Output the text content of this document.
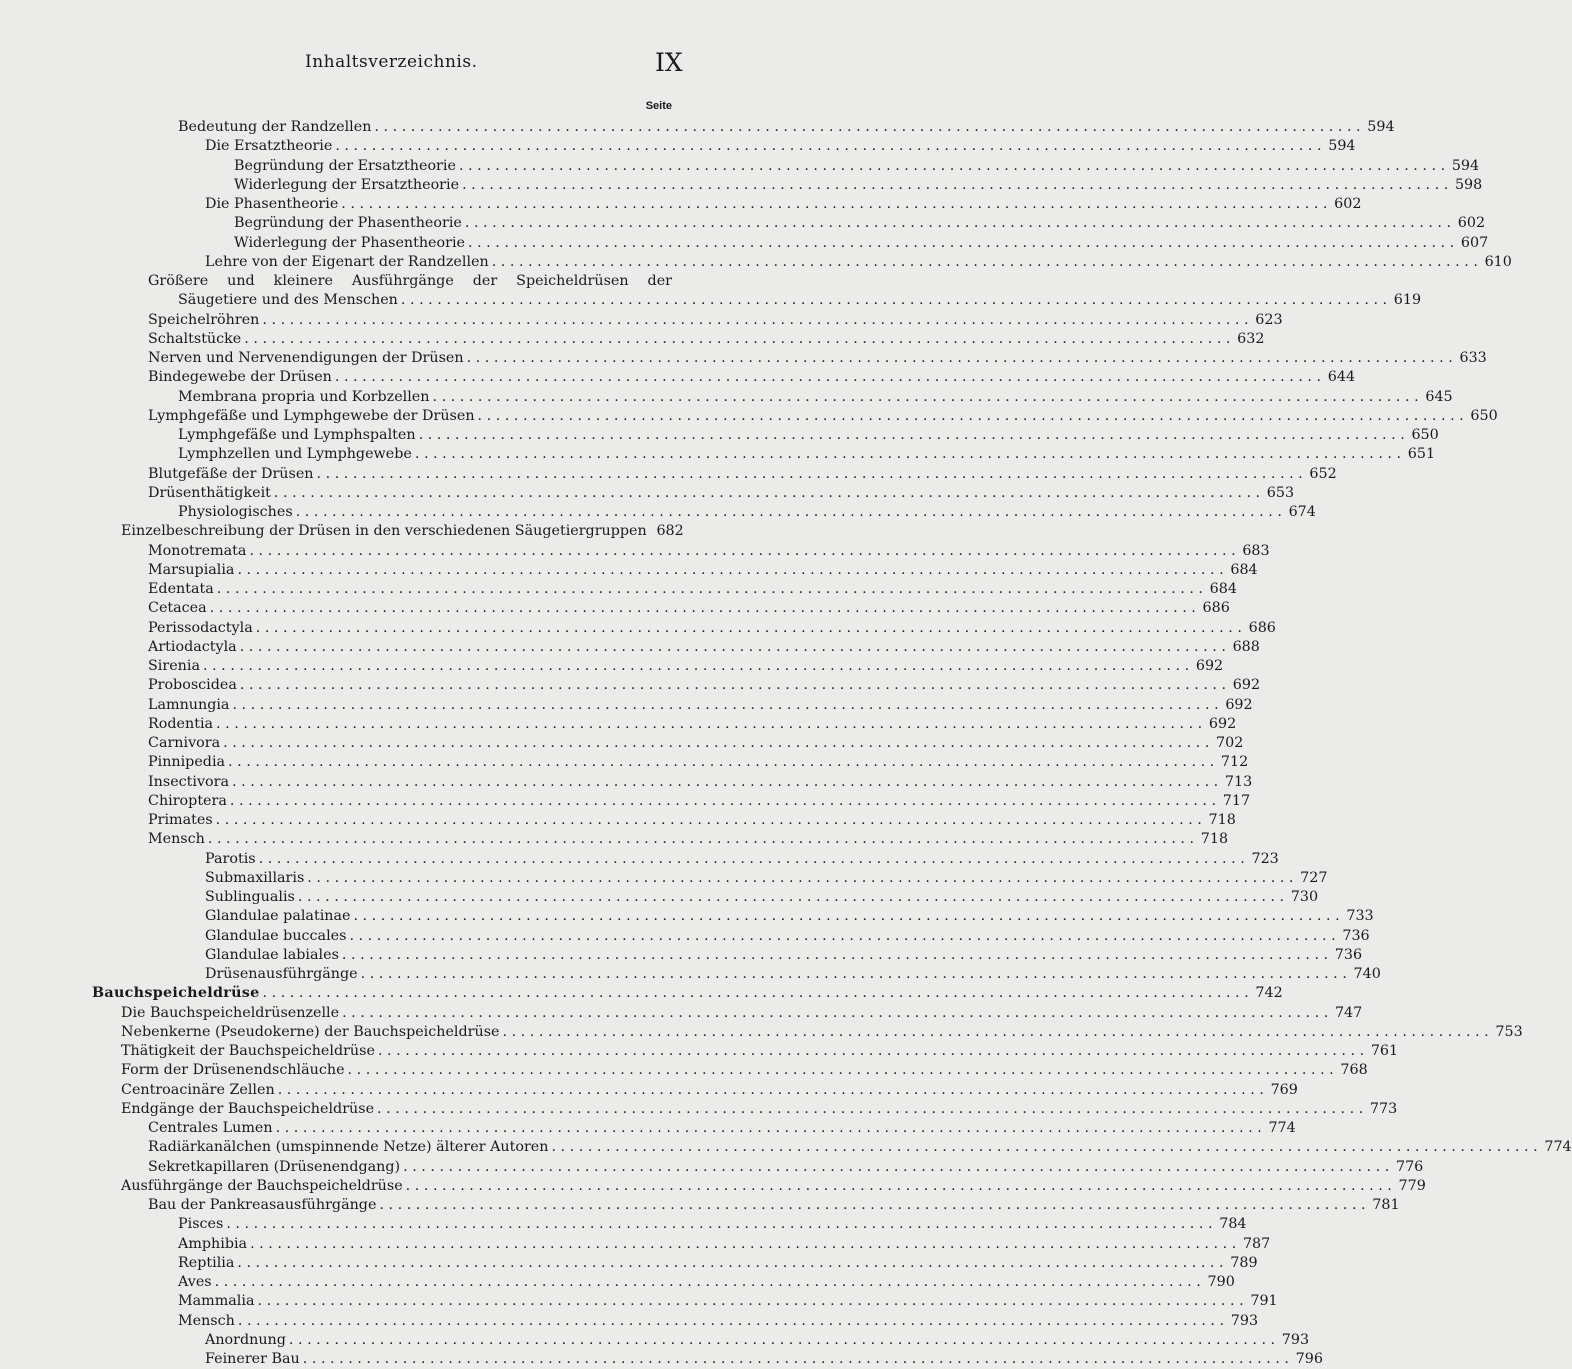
Inhaltsverzeichnis.	IX
Seite
Bedeutung der Randzellen . . .	594
Die Ersatztheorie . . .	594
Begründung der Ersatztheorie . . .	594
Widerlegung der Ersatztheorie . . .	598
Die Phasentheorie . . .	602
Begründung der Phasentheorie . . .	602
Widerlegung der Phasentheorie . . .	607
Lehre von der Eigenart der Randzellen . . .	610
Größere und kleinere Ausführgänge der Speicheldrüsen der
Säugetiere und des Menschen . . .	619
Speichelröhren . . .	623
Schaltstücke . . .	632
Nerven und Nervenendigungen der Drüsen . . .	633
Bindegewebe der Drüsen . . .	644
Membrana propria und Korbzellen . . .	645
Lymphgefäße und Lymphgewebe der Drüsen . . .	650
Lymphgefäße und Lymphspalten . . .	650
Lymphzellen und Lymphgewebe . . .	651
Blutgefäße der Drüsen . . .	652
Drüsenthätigkeit . . .	653
Physiologisches . . .	674
Einzelbeschreibung der Drüsen in den verschiedenen Säugetiergruppen 682
Monotremata . . .	683
Marsupialia . . .	684
Edentata . . .	684
Cetacea . . .	686
Perissodactyla . . .	686
Artiodactyla . . .	688
Sirenia . . .	692
Proboscidea . . .	692
Lamnungia . . .	692
Rodentia . . .	692
Carnivora . . .	702
Pinnipedia . . .	712
Insectivora . . .	713
Chiroptera . . .	717
Primates . . .	718
Mensch . . .	718
Parotis . . .	723
Submaxillaris . . .	727
Sublingualis . . .	730
Glandulae palatinae . . .	733
Glandulae buccales . . .	736
Glandulae labiales . . .	736
Drüsenausführgänge . . .	740
Bauchspeicheldrüse . . .	742
Die Bauchspeicheldrüsenzelle . . .	747
Nebenkerne (Pseudokerne) der Bauchspeicheldrüse . . .	753
Thätigkeit der Bauchspeicheldrüse . . .	761
Form der Drüsenendschläuche . . .	768
Centroacinäre Zellen . . .	769
Endgänge der Bauchspeicheldrüse . . .	773
Centrales Lumen . . .	774
Radiärkanälchen (umspinnende Netze) älterer Autoren . . .	774
Sekretkapillaren (Drüsenendgang) . . .	776
Ausführgänge der Bauchspeicheldrüse . . .	779
Bau der Pankreasausführgänge . . .	781
Pisces . . .	784
Amphibia . . .	787
Reptilia . . .	789
Aves . . .	790
Mammalia . . .	791
Mensch . . .	793
Anordnung . . .	793
Feinerer Bau . . .	796
